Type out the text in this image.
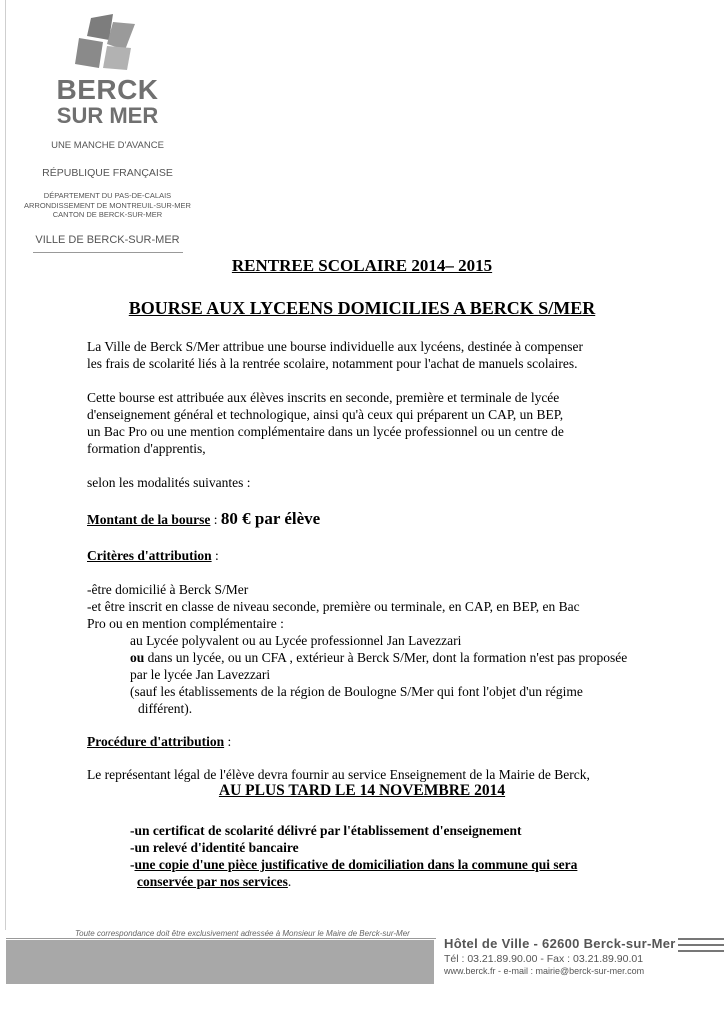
BERCK
SUR MER
UNE MANCHE D'AVANCE
RÉPUBLIQUE FRANÇAISE
DÉPARTEMENT DU PAS-DE-CALAIS
ARRONDISSEMENT DE MONTREUIL-SUR-MER
CANTON DE BERCK-SUR-MER
VILLE DE BERCK-SUR-MER
RENTREE SCOLAIRE 2014– 2015
BOURSE AUX LYCEENS DOMICILIES A BERCK S/MER

La Ville de Berck S/Mer attribue une bourse individuelle aux lycéens, destinée à compenser
les frais de scolarité liés à la rentrée scolaire, notamment pour l'achat de manuels scolaires.

Cette bourse est attribuée aux élèves inscrits en seconde, première et terminale de lycée
d'enseignement général et technologique, ainsi qu'à ceux qui préparent un CAP, un BEP,
un Bac Pro ou une mention complémentaire dans un lycée professionnel ou un centre de
formation d'apprentis,

selon les modalités suivantes :

Montant de la bourse : 80 € par élève

Critères d'attribution :

-être domicilié à Berck S/Mer
-et être inscrit en classe de niveau seconde, première ou terminale, en CAP, en BEP, en Bac
Pro ou en mention complémentaire :

au Lycée polyvalent ou au Lycée professionnel Jan Lavezzari

ou dans un lycée, ou un CFA , extérieur à Berck S/Mer, dont la formation n'est pas proposée
par le lycée Jan Lavezzari
(sauf les établissements de la région de Boulogne S/Mer qui font l'objet d'un régime
différent).

Procédure d'attribution :

Le représentant légal de l'élève devra fournir au service Enseignement de la Mairie de Berck,

AU PLUS TARD LE 14 NOVEMBRE 2014

-un certificat de scolarité délivré par l'établissement d'enseignement
-un relevé d'identité bancaire
-une copie d'une pièce justificative de domiciliation dans la commune qui sera
conservée par nos services.

Toute correspondance doit être exclusivement adressée à Monsieur le Maire de Berck-sur-Mer
Hôtel de Ville - 62600 Berck-sur-Mer
Tél : 03.21.89.90.00 - Fax : 03.21.89.90.01
www.berck.fr - e-mail : mairie@berck-sur-mer.com
